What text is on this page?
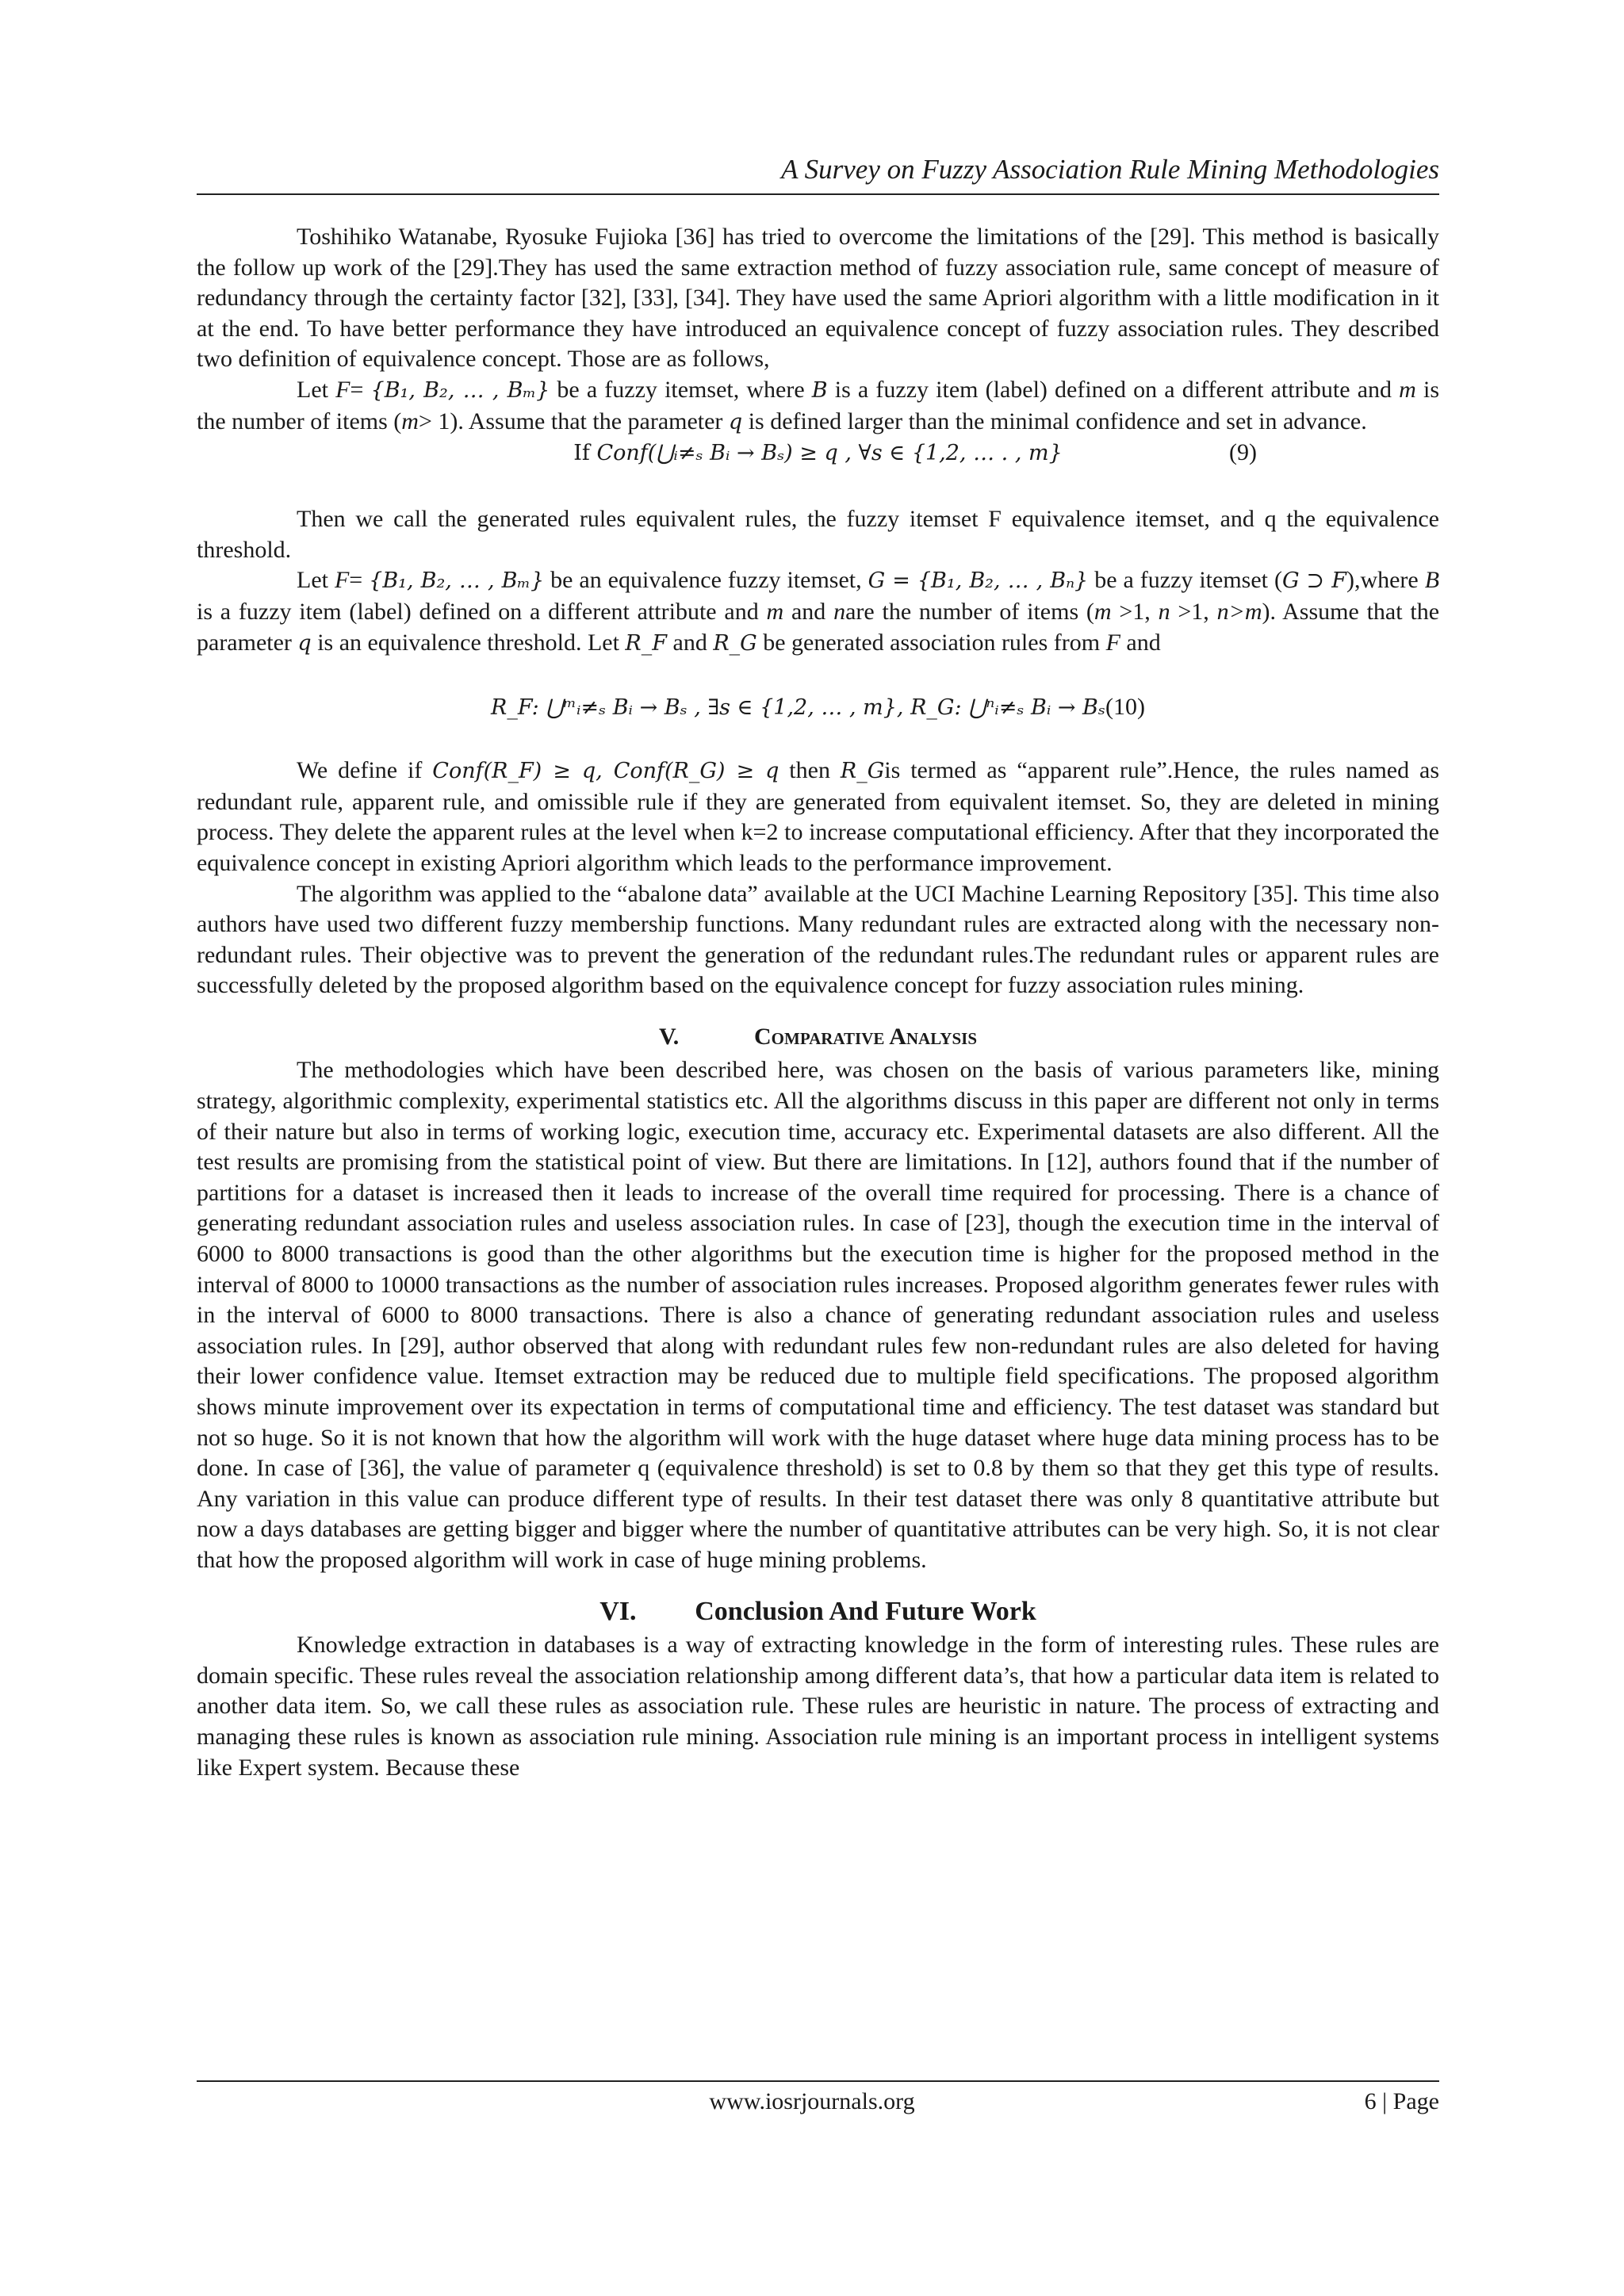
A Survey on Fuzzy Association Rule Mining Methodologies

Toshihiko Watanabe, Ryosuke Fujioka [36] has tried to overcome the limitations of the [29]. This method is basically the follow up work of the [29].They has used the same extraction method of fuzzy association rule, same concept of measure of redundancy through the certainty factor [32], [33], [34]. They have used the same Apriori algorithm with a little modification in it at the end. To have better performance they have introduced an equivalence concept of fuzzy association rules. They described two definition of equivalence concept. Those are as follows,

Let F= {B₁, B₂, … , Bₘ} be a fuzzy itemset, where B is a fuzzy item (label) defined on a different attribute and m is the number of items (m> 1). Assume that the parameter q is defined larger than the minimal confidence and set in advance.

If Conf(⋃ᵢ≠ₛ Bᵢ → Bₛ) ≥ q , ∀s ∈ {1,2, … . , m}	(9)

Then we call the generated rules equivalent rules, the fuzzy itemset F equivalence itemset, and q the equivalence threshold.

Let F= {B₁, B₂, … , Bₘ} be an equivalence fuzzy itemset, G = {B₁, B₂, … , Bₙ} be a fuzzy itemset (G ⊃ F),where B is a fuzzy item (label) defined on a different attribute and m and nare the number of items (m >1, n >1, n>m). Assume that the parameter q is an equivalence threshold. Let R_F and R_G be generated association rules from F and

R_F: ⋃ᵐᵢ≠ₛ Bᵢ → Bₛ , ∃s ∈ {1,2, … , m}, R_G: ⋃ⁿᵢ≠ₛ Bᵢ → Bₛ(10)

We define if Conf(R_F) ≥ q, Conf(R_G) ≥ q then R_Gis termed as “apparent rule”.Hence, the rules named as redundant rule, apparent rule, and omissible rule if they are generated from equivalent itemset. So, they are deleted in mining process. They delete the apparent rules at the level when k=2 to increase computational efficiency. After that they incorporated the equivalence concept in existing Apriori algorithm which leads to the performance improvement.

The algorithm was applied to the “abalone data” available at the UCI Machine Learning Repository [35]. This time also authors have used two different fuzzy membership functions. Many redundant rules are extracted along with the necessary non-redundant rules. Their objective was to prevent the generation of the redundant rules.The redundant rules or apparent rules are successfully deleted by the proposed algorithm based on the equivalence concept for fuzzy association rules mining.

V.	Comparative Analysis

The methodologies which have been described here, was chosen on the basis of various parameters like, mining strategy, algorithmic complexity, experimental statistics etc. All the algorithms discuss in this paper are different not only in terms of their nature but also in terms of working logic, execution time, accuracy etc. Experimental datasets are also different. All the test results are promising from the statistical point of view. But there are limitations. In [12], authors found that if the number of partitions for a dataset is increased then it leads to increase of the overall time required for processing. There is a chance of generating redundant association rules and useless association rules. In case of [23], though the execution time in the interval of 6000 to 8000 transactions is good than the other algorithms but the execution time is higher for the proposed method in the interval of 8000 to 10000 transactions as the number of association rules increases. Proposed algorithm generates fewer rules with in the interval of 6000 to 8000 transactions. There is also a chance of generating redundant association rules and useless association rules. In [29], author observed that along with redundant rules few non-redundant rules are also deleted for having their lower confidence value. Itemset extraction may be reduced due to multiple field specifications. The proposed algorithm shows minute improvement over its expectation in terms of computational time and efficiency. The test dataset was standard but not so huge. So it is not known that how the algorithm will work with the huge dataset where huge data mining process has to be done. In case of [36], the value of parameter q (equivalence threshold) is set to 0.8 by them so that they get this type of results. Any variation in this value can produce different type of results. In their test dataset there was only 8 quantitative attribute but now a days databases are getting bigger and bigger where the number of quantitative attributes can be very high. So, it is not clear that how the proposed algorithm will work in case of huge mining problems.

VI. Conclusion And Future Work

Knowledge extraction in databases is a way of extracting knowledge in the form of interesting rules. These rules are domain specific. These rules reveal the association relationship among different data’s, that how a particular data item is related to another data item. So, we call these rules as association rule. These rules are heuristic in nature. The process of extracting and managing these rules is known as association rule mining. Association rule mining is an important process in intelligent systems like Expert system. Because these

www.iosrjournals.org	6 | Page
